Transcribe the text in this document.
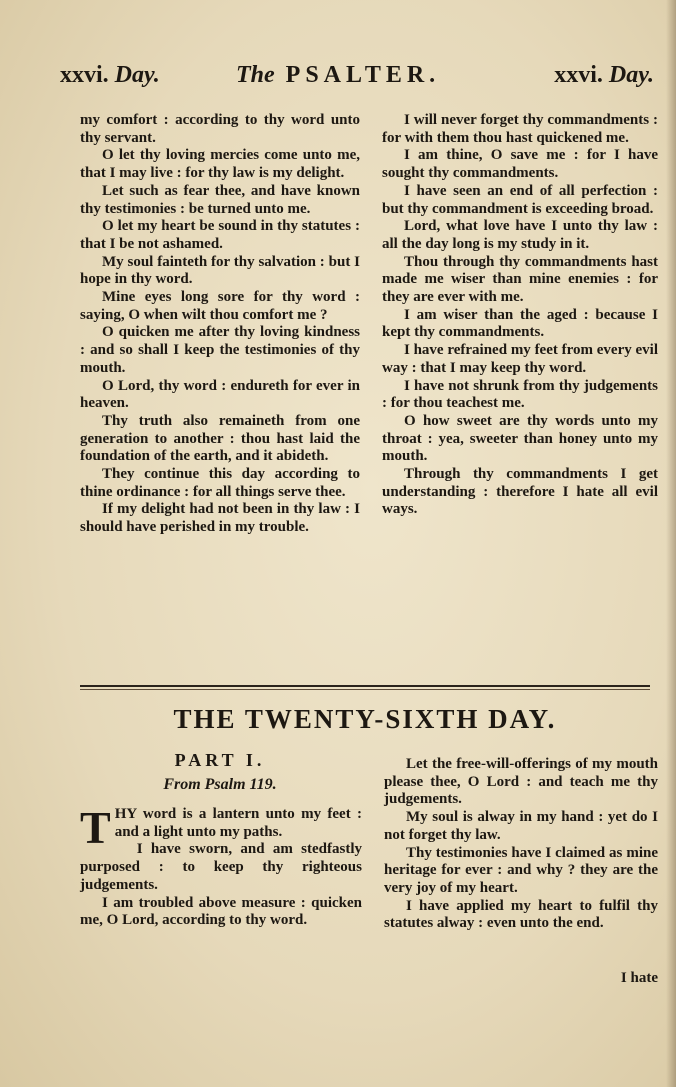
xxvi. Day.	The PSALTER.	xxvi. Day.

my comfort : according to thy word unto thy servant.

O let thy loving mercies come unto me, that I may live : for thy law is my delight.

Let such as fear thee, and have known thy testimonies : be turned unto me.

O let my heart be sound in thy statutes : that I be not ashamed.

My soul fainteth for thy salvation : but I hope in thy word.

Mine eyes long sore for thy word : saying, O when wilt thou comfort me ?

O quicken me after thy loving kindness : and so shall I keep the testimonies of thy mouth.

O Lord, thy word : endureth for ever in heaven.

Thy truth also remaineth from one generation to another : thou hast laid the foundation of the earth, and it abideth.

They continue this day according to thine ordinance : for all things serve thee.

If my delight had not been in thy law : I should have perished in my trouble.

I will never forget thy commandments : for with them thou hast quickened me.

I am thine, O save me : for I have sought thy commandments.

I have seen an end of all perfection : but thy commandment is exceeding broad.

Lord, what love have I unto thy law : all the day long is my study in it.

Thou through thy commandments hast made me wiser than mine enemies : for they are ever with me.

I am wiser than the aged : because I kept thy commandments.

I have refrained my feet from every evil way : that I may keep thy word.

I have not shrunk from thy judgements : for thou teachest me.

O how sweet are thy words unto my throat : yea, sweeter than honey unto my mouth.

Through thy commandments I get understanding : therefore I hate all evil ways.

THE TWENTY-SIXTH DAY.
PART I.
From Psalm 119.

THY word is a lantern unto my feet : and a light unto my paths.

I have sworn, and am stedfastly purposed : to keep thy righteous judgements.

I am troubled above measure : quicken me, O Lord, according to thy word.

Let the free-will-offerings of my mouth please thee, O Lord : and teach me thy judgements.

My soul is alway in my hand : yet do I not forget thy law.

Thy testimonies have I claimed as mine heritage for ever : and why ? they are the very joy of my heart.

I have applied my heart to fulfil thy statutes alway : even unto the end.

I hate
